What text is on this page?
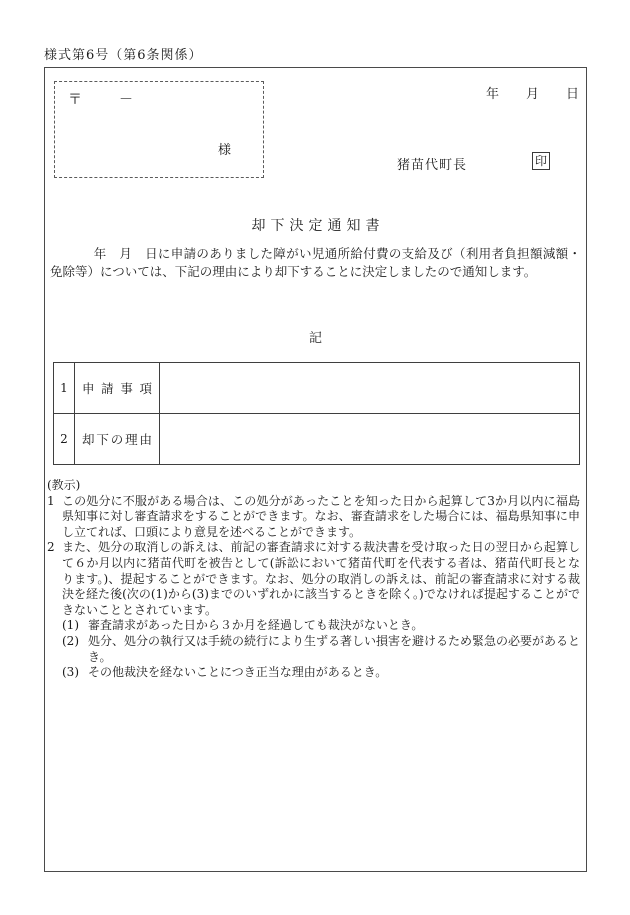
様式第6号（第6条関係）
〒	－
様
年 月 日
猪苗代町長	印
却下決定通知書
年　月　日に申請のありました障がい児通所給付費の支給及び（利用者負担額減額・免除等）については、下記の理由により却下することに決定しましたので通知します。
記
1	申請事項
2	却下の理由
(教示)
1 この処分に不服がある場合は、この処分があったことを知った日から起算して3か月以内に福島県知事に対し審査請求をすることができます。なお、審査請求をした場合には、福島県知事に申し立てれば、口頭により意見を述べることができます。
2 また、処分の取消しの訴えは、前記の審査請求に対する裁決書を受け取った日の翌日から起算して６か月以内に猪苗代町を被告として(訴訟において猪苗代町を代表する者は、猪苗代町長となります。)、提起することができます。なお、処分の取消しの訴えは、前記の審査請求に対する裁決を経た後(次の(1)から(3)までのいずれかに該当するときを除く。)でなければ提起することができないこととされています。
(1) 審査請求があった日から３か月を経過しても裁決がないとき。
(2) 処分、処分の執行又は手続の続行により生ずる著しい損害を避けるため緊急の必要があるとき。
(3) その他裁決を経ないことにつき正当な理由があるとき。
